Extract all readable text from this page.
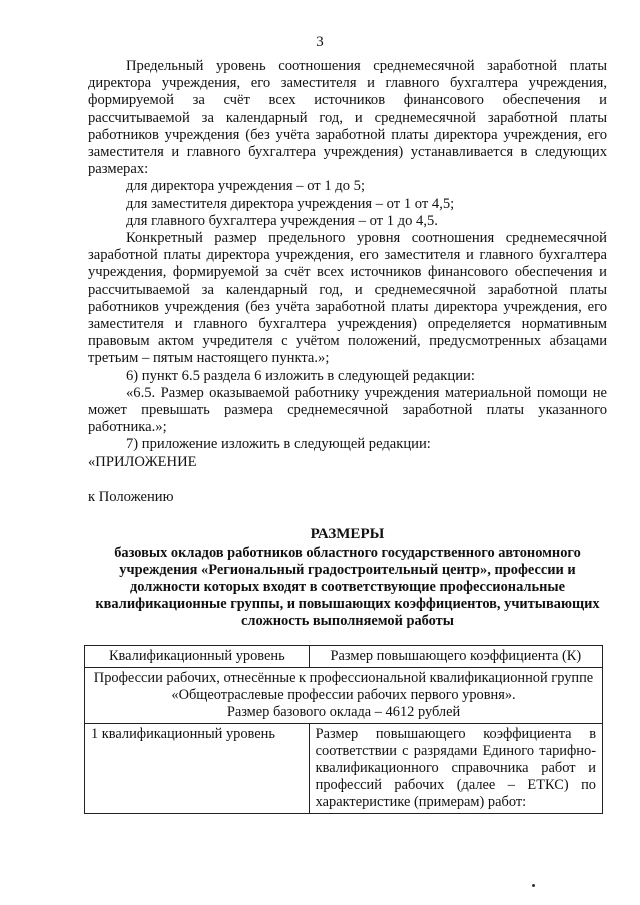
3

Предельный уровень соотношения среднемесячной заработной платы директора учреждения, его заместителя и главного бухгалтера учреждения, формируемой за счёт всех источников финансового обеспечения и рассчитываемой за календарный год, и среднемесячной заработной платы работников учреждения (без учёта заработной платы директора учреждения, его заместителя и главного бухгалтера учреждения) устанавливается в следующих размерах:

для директора учреждения – от 1 до 5;

для заместителя директора учреждения – от 1 от 4,5;

для главного бухгалтера учреждения – от 1 до 4,5.

Конкретный размер предельного уровня соотношения среднемесячной заработной платы директора учреждения, его заместителя и главного бухгалтера учреждения, формируемой за счёт всех источников финансового обеспечения и рассчитываемой за календарный год, и среднемесячной заработной платы работников учреждения (без учёта заработной платы директора учреждения, его заместителя и главного бухгалтера учреждения) определяется нормативным правовым актом учредителя с учётом положений, предусмотренных абзацами третьим – пятым настоящего пункта.»;

6) пункт 6.5 раздела 6 изложить в следующей редакции:

«6.5. Размер оказываемой работнику учреждения материальной помощи не может превышать размера среднемесячной заработной платы указанного работника.»;

7) приложение изложить в следующей редакции:

«ПРИЛОЖЕНИЕ

к Положению

РАЗМЕРЫ
базовых окладов работников областного государственного автономного учреждения «Региональный градостроительный центр», профессии и должности которых входят в соответствующие профессиональные квалификационные группы, и повышающих коэффициентов, учитывающих сложность выполняемой работы
Квалификационный уровень	Размер повышающего коэффициента (К)
Профессии рабочих, отнесённые к профессиональной квалификационной группе «Общеотраслевые профессии рабочих первого уровня».
Размер базового оклада – 4612 рублей	
1 квалификационный уровень	Размер повышающего коэффициента в соответствии с разрядами Единого тарифно-квалификационного справочника работ и профессий рабочих (далее – ЕТКС) по характеристике (примерам) работ:
